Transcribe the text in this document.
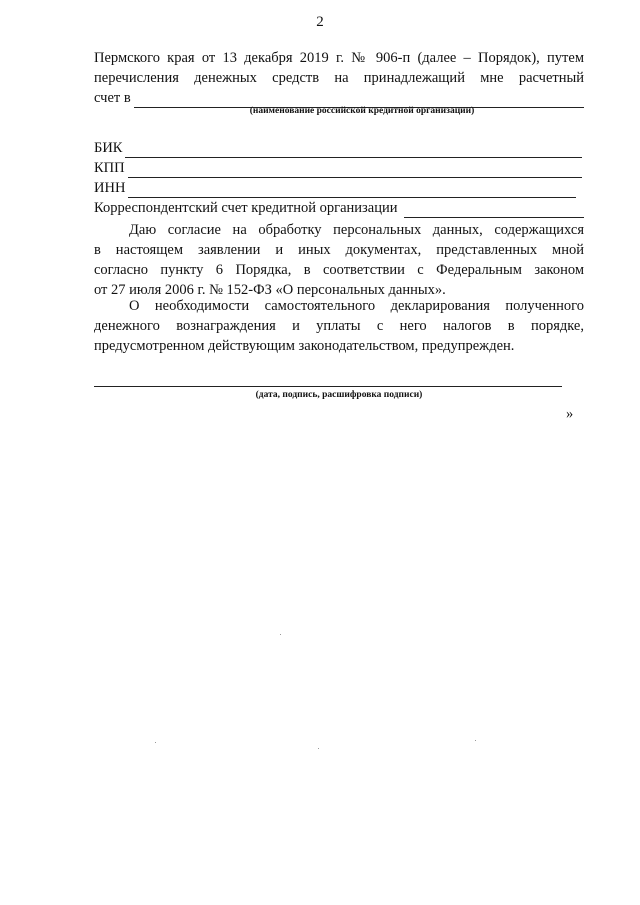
2
Пермского края от 13 декабря 2019 г. № 906-п (далее – Порядок), путем
перечисления денежных средств на принадлежащий мне расчетный
счет в
(наименование российской кредитной организации)
БИК
КПП
ИНН
Корреспондентский счет кредитной организации
Даю согласие на обработку персональных данных, содержащихся
в настоящем заявлении и иных документах, представленных мной
согласно пункту 6 Порядка, в соответствии с Федеральным законом
от 27 июля 2006 г. № 152-ФЗ «О персональных данных».
О необходимости самостоятельного декларирования полученного
денежного вознаграждения и уплаты с него налогов в порядке,
предусмотренном действующим законодательством, предупрежден.
(дата, подпись, расшифровка подписи)
»
